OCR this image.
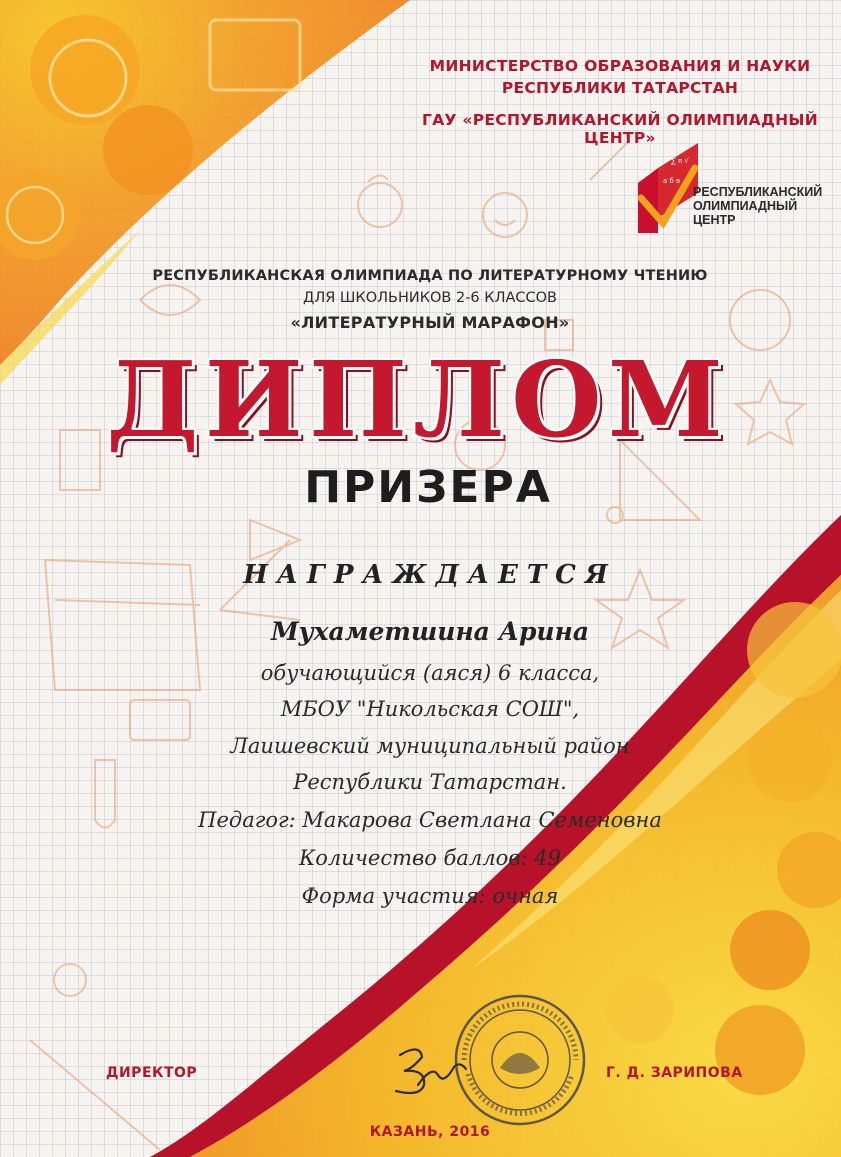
МИНИСТЕРСТВО ОБРАЗОВАНИЯ И НАУКИ
РЕСПУБЛИКИ ТАТАРСТАН
ГАУ «РЕСПУБЛИКАНСКИЙ ОЛИМПИАДНЫЙ ЦЕНТР»
∑ π √
а б в
РЕСПУБЛИКАНСКИЙ
ОЛИМПИАДНЫЙ
ЦЕНТР

РЕСПУБЛИКАНСКАЯ ОЛИМПИАДА ПО ЛИТЕРАТУРНОМУ ЧТЕНИЮ

ДЛЯ ШКОЛЬНИКОВ 2-6 КЛАССОВ

«ЛИТЕРАТУРНЫЙ МАРАФОН»

ДИПЛОМ

ПРИЗЕРА

НАГРАЖДАЕТСЯ

Мухаметшина Арина

обучающийся (аяся) 6 класса,

МБОУ "Никольская СОШ",

Лаишевский муниципальный район

Республики Татарстан.

Педагог: Макарова Светлана Семеновна

Количество баллов: 49

Форма участия: очная

ДИРЕКТОР	Г. Д. ЗАРИПОВА
КАЗАНЬ, 2016
